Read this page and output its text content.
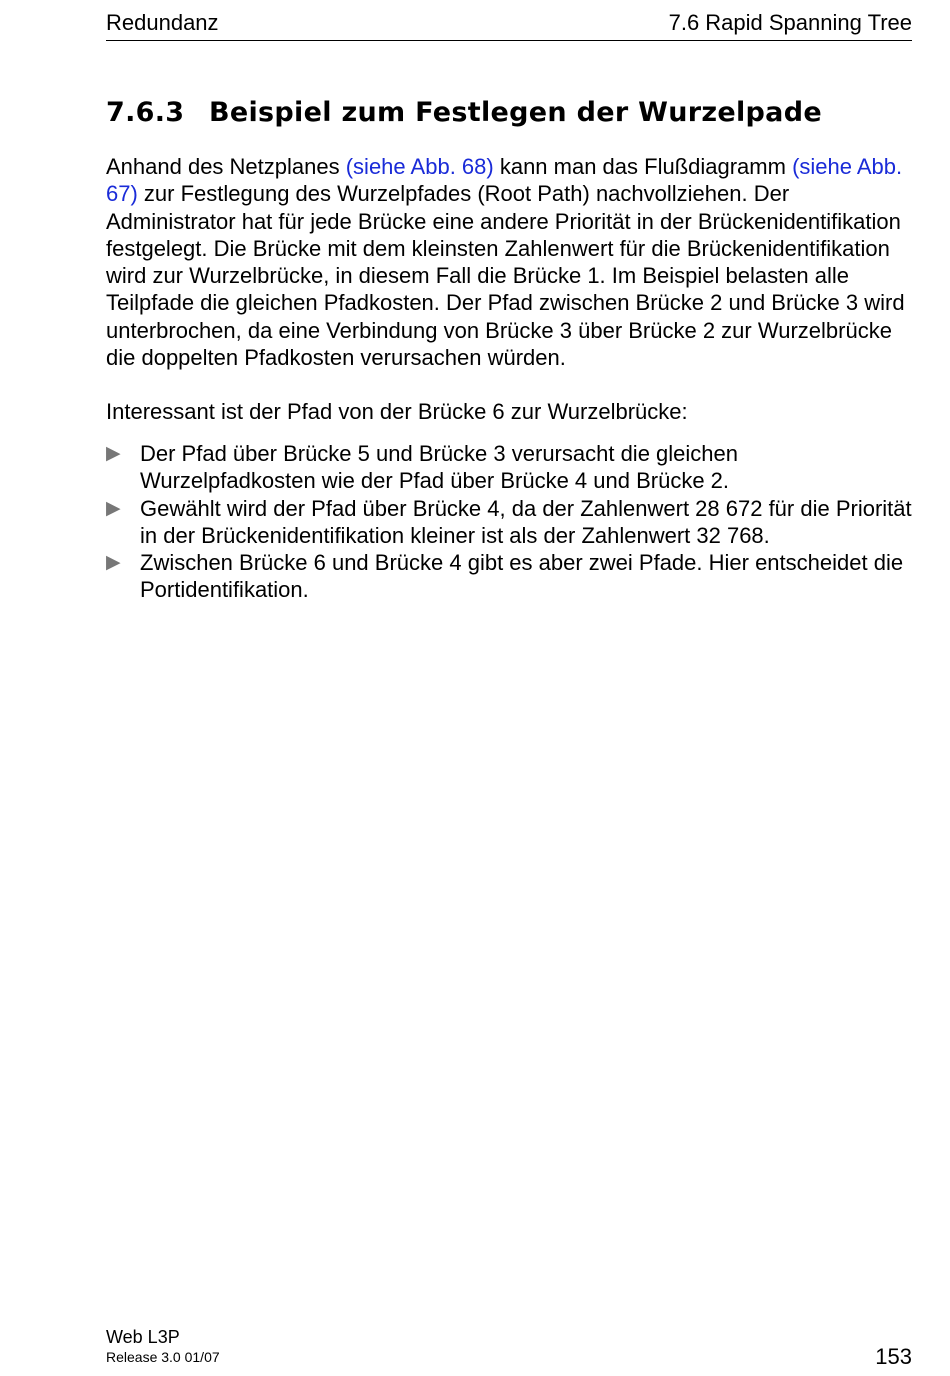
Redundanz	7.6 Rapid Spanning Tree
7.6.3 Beispiel zum Festlegen der Wurzelpade
Anhand des Netzplanes (siehe Abb. 68) kann man das Flußdiagramm (siehe Abb. 67) zur Festlegung des Wurzelpfades (Root Path) nachvollziehen. Der Administrator hat für jede Brücke eine andere Priorität in der Brückenidentifikation festgelegt. Die Brücke mit dem kleinsten Zahlenwert für die Brückenidentifikation wird zur Wurzelbrücke, in diesem Fall die Brücke 1. Im Beispiel belasten alle Teilpfade die gleichen Pfadkosten. Der Pfad zwischen Brücke 2 und Brücke 3 wird unterbrochen, da eine Verbindung von Brücke 3 über Brücke 2 zur Wurzelbrücke die doppelten Pfadkosten verursachen würden.
Interessant ist der Pfad von der Brücke 6 zur Wurzelbrücke:
▶ Der Pfad über Brücke 5 und Brücke 3 verursacht die gleichen Wurzelpfadkosten wie der Pfad über Brücke 4 und Brücke 2.
▶ Gewählt wird der Pfad über Brücke 4, da der Zahlenwert 28 672 für die Priorität in der Brückenidentifikation kleiner ist als der Zahlenwert 32 768.
▶ Zwischen Brücke 6 und Brücke 4 gibt es aber zwei Pfade. Hier entscheidet die Portidentifikation.
Web L3P
Release 3.0 01/07	153
